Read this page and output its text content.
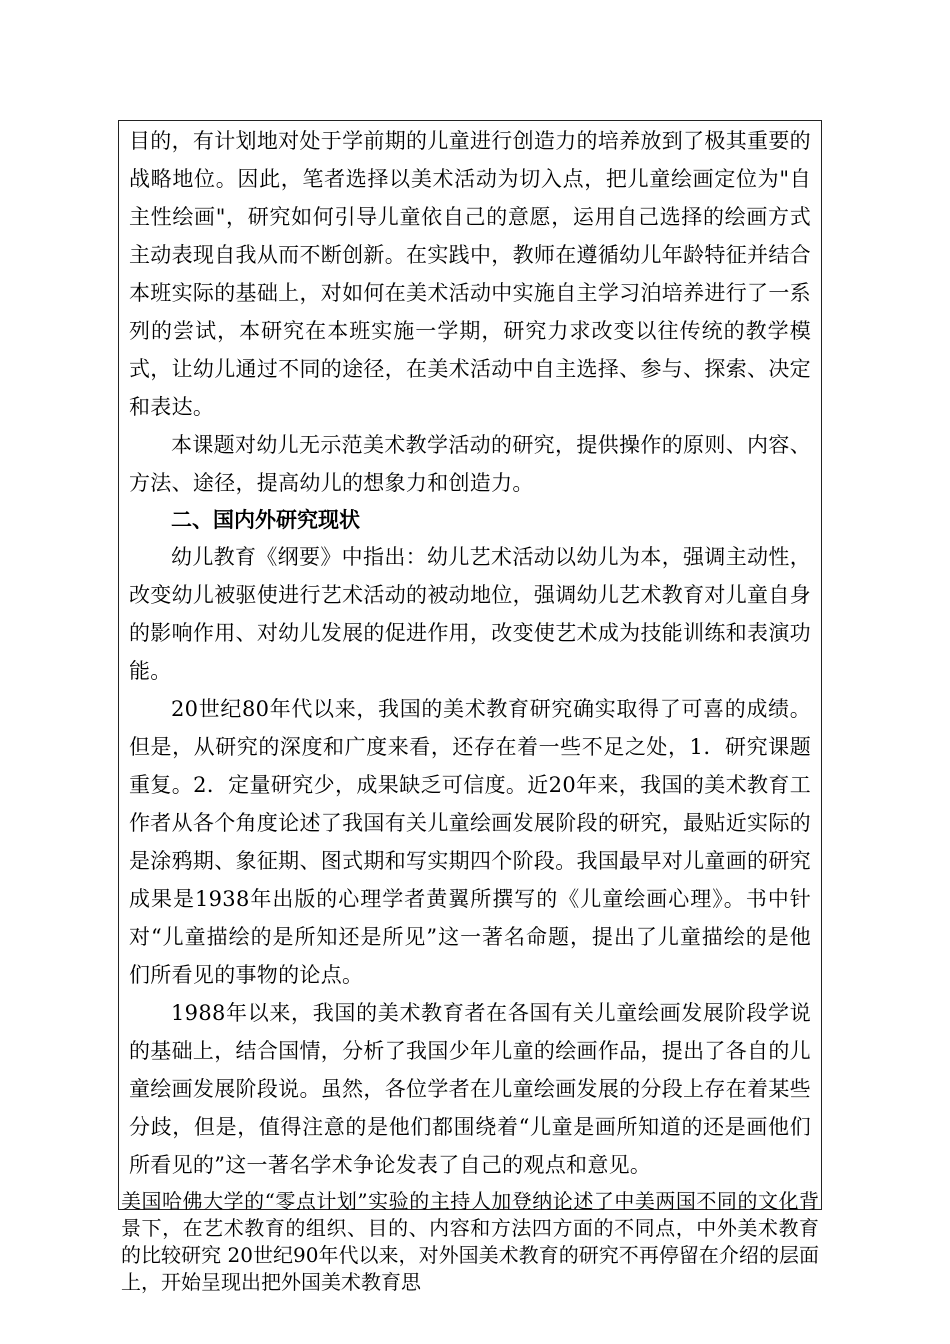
目的，有计划地对处于学前期的儿童进行创造力的培养放到了极其重要的战略地位。因此，笔者选择以美术活动为切入点，把儿童绘画定位为"自主性绘画"，研究如何引导儿童依自己的意愿，运用自己选择的绘画方式主动表现自我从而不断创新。在实践中，教师在遵循幼儿年龄特征并结合本班实际的基础上，对如何在美术活动中实施自主学习泊培养进行了一系列的尝试，本研究在本班实施一学期，研究力求改变以往传统的教学模式，让幼儿通过不同的途径，在美术活动中自主选择、参与、探索、决定和表达。

本课题对幼儿无示范美术教学活动的研究，提供操作的原则、内容、方法、途径，提高幼儿的想象力和创造力。

二、国内外研究现状

幼儿教育《纲要》中指出：幼儿艺术活动以幼儿为本，强调主动性，改变幼儿被驱使进行艺术活动的被动地位，强调幼儿艺术教育对儿童自身的影响作用、对幼儿发展的促进作用，改变使艺术成为技能训练和表演功能。

20世纪80年代以来，我国的美术教育研究确实取得了可喜的成绩。但是，从研究的深度和广度来看，还存在着一些不足之处，1．研究课题重复。2．定量研究少，成果缺乏可信度。近20年来，我国的美术教育工作者从各个角度论述了我国有关儿童绘画发展阶段的研究，最贴近实际的是涂鸦期、象征期、图式期和写实期四个阶段。我国最早对儿童画的研究成果是1938年出版的心理学者黄翼所撰写的《儿童绘画心理》。书中针对“儿童描绘的是所知还是所见”这一著名命题，提出了儿童描绘的是他们所看见的事物的论点。

1988年以来，我国的美术教育者在各国有关儿童绘画发展阶段学说的基础上，结合国情，分析了我国少年儿童的绘画作品，提出了各自的儿童绘画发展阶段说。虽然，各位学者在儿童绘画发展的分段上存在着某些分歧，但是，值得注意的是他们都围绕着“儿童是画所知道的还是画他们所看见的”这一著名学术争论发表了自己的观点和意见。

美国哈佛大学的“零点计划”实验的主持人加登纳论述了中美两国不同的文化背景下，在艺术教育的组织、目的、内容和方法四方面的不同点，中外美术教育的比较研究 20世纪90年代以来，对外国美术教育的研究不再停留在介绍的层面上，开始呈现出把外国美术教育思
